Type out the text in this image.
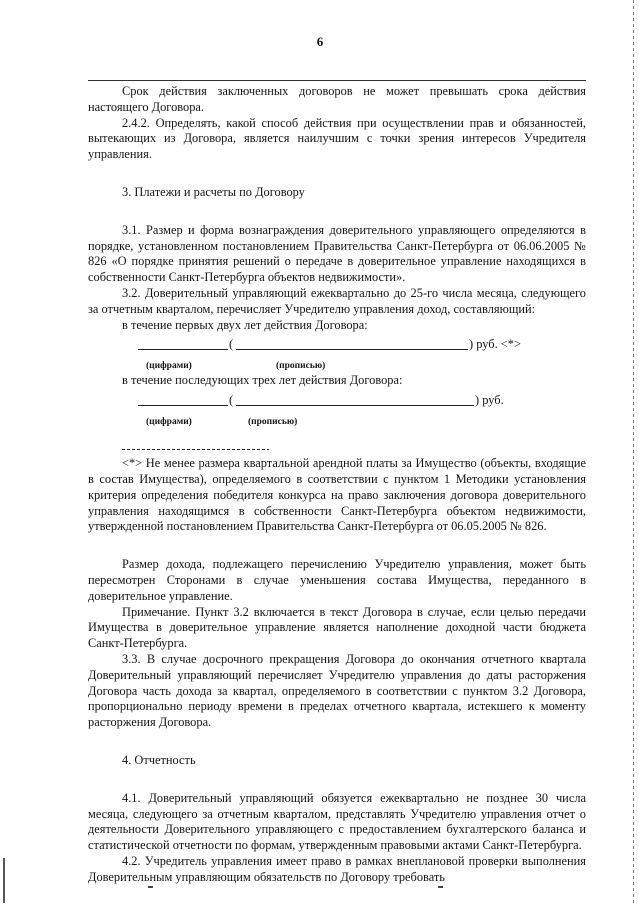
6

Срок действия заключенных договоров не может превышать срока действия настоящего Договора.

2.4.2. Определять, какой способ действия при осуществлении прав и обязанностей, вытекающих из Договора, является наилучшим с точки зрения интересов Учредителя управления.

3. Платежи и расчеты по Договору

3.1. Размер и форма вознаграждения доверительного управляющего определяются в порядке, установленном постановлением Правительства Санкт-Петербурга от 06.06.2005 № 826 «О порядке принятия решений о передаче в доверительное управление находящихся в собственности Санкт-Петербурга объектов недвижимости».

3.2. Доверительный управляющий ежеквартально до 25-го числа месяца, следующего за отчетным кварталом, перечисляет Учредителю управления доход, составляющий:

в течение первых двух лет действия Договора:

(	) руб. <*>
(цифрами)	(прописью)

в течение последующих трех лет действия Договора:

(	) руб.
(цифрами)	(прописью)

<*> Не менее размера квартальной арендной платы за Имущество (объекты, входящие в состав Имущества), определяемого в соответствии с пунктом 1 Методики установления критерия определения победителя конкурса на право заключения договора доверительного управления находящимся в собственности Санкт-Петербурга объектом недвижимости, утвержденной постановлением Правительства Санкт-Петербурга от 06.05.2005 № 826.

Размер дохода, подлежащего перечислению Учредителю управления, может быть пересмотрен Сторонами в случае уменьшения состава Имущества, переданного в доверительное управление.

Примечание. Пункт 3.2 включается в текст Договора в случае, если целью передачи Имущества в доверительное управление является наполнение доходной части бюджета Санкт-Петербурга.

3.3. В случае досрочного прекращения Договора до окончания отчетного квартала Доверительный управляющий перечисляет Учредителю управления до даты расторжения Договора часть дохода за квартал, определяемого в соответствии с пунктом 3.2 Договора, пропорционально периоду времени в пределах отчетного квартала, истекшего к моменту расторжения Договора.

4. Отчетность

4.1. Доверительный управляющий обязуется ежеквартально не позднее 30 числа месяца, следующего за отчетным кварталом, представлять Учредителю управления отчет о деятельности Доверительного управляющего с предоставлением бухгалтерского баланса и статистической отчетности по формам, утвержденным правовыми актами Санкт-Петербурга.

4.2. Учредитель управления имеет право в рамках внеплановой проверки выполнения Доверительным управляющим обязательств по Договору требовать
